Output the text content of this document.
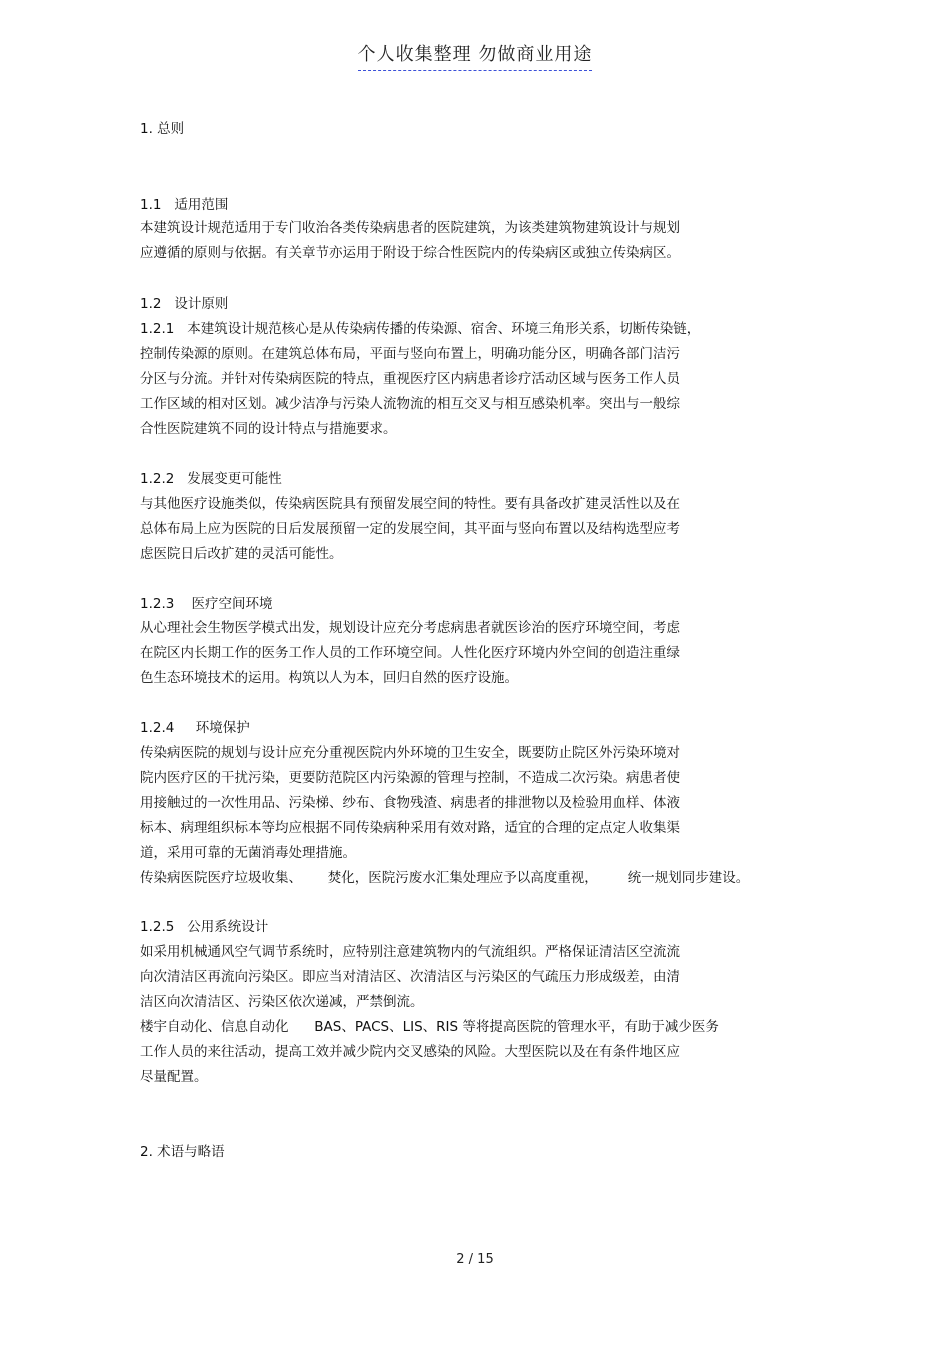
个人收集整理 勿做商业用途
1. 总则
1.1   适用范围
本建筑设计规范适用于专门收治各类传染病患者的医院建筑，为该类建筑物建筑设计与规划
应遵循的原则与依据。有关章节亦运用于附设于综合性医院内的传染病区或独立传染病区。
1.2   设计原则
1.2.1   本建筑设计规范核心是从传染病传播的传染源、宿舍、环境三角形关系，切断传染链，
控制传染源的原则。在建筑总体布局，平面与竖向布置上，明确功能分区，明确各部门洁污
分区与分流。并针对传染病医院的特点，重视医疗区内病患者诊疗活动区域与医务工作人员
工作区域的相对区划。减少洁净与污染人流物流的相互交叉与相互感染机率。突出与一般综
合性医院建筑不同的设计特点与措施要求。
1.2.2   发展变更可能性
与其他医疗设施类似，传染病医院具有预留发展空间的特性。要有具备改扩建灵活性以及在
总体布局上应为医院的日后发展预留一定的发展空间，其平面与竖向布置以及结构选型应考
虑医院日后改扩建的灵活可能性。
1.2.3    医疗空间环境
从心理社会生物医学模式出发，规划设计应充分考虑病患者就医诊治的医疗环境空间，考虑
在院区内长期工作的医务工作人员的工作环境空间。人性化医疗环境内外空间的创造注重绿
色生态环境技术的运用。构筑以人为本，回归自然的医疗设施。
1.2.4     环境保护
传染病医院的规划与设计应充分重视医院内外环境的卫生安全，既要防止院区外污染环境对
院内医疗区的干扰污染，更要防范院区内污染源的管理与控制，不造成二次污染。病患者使
用接触过的一次性用品、污染梯、纱布、食物残渣、病患者的排泄物以及检验用血样、体液
标本、病理组织标本等均应根据不同传染病种采用有效对路，适宜的合理的定点定人收集渠
道，采用可靠的无菌消毒处理措施。
传染病医院医疗垃圾收集、      焚化，医院污废水汇集处理应予以高度重视，       统一规划同步建设。
1.2.5   公用系统设计
如采用机械通风空气调节系统时，应特别注意建筑物内的气流组织。严格保证清洁区空流流
向次清洁区再流向污染区。即应当对清洁区、次清洁区与污染区的气疏压力形成级差，由清
洁区向次清洁区、污染区依次递减，严禁倒流。
楼宇自动化、信息自动化      BAS、PACS、LIS、RIS 等将提高医院的管理水平，有助于减少医务
工作人员的来往活动，提高工效并减少院内交叉感染的风险。大型医院以及在有条件地区应
尽量配置。
2. 术语与略语
2 / 15
